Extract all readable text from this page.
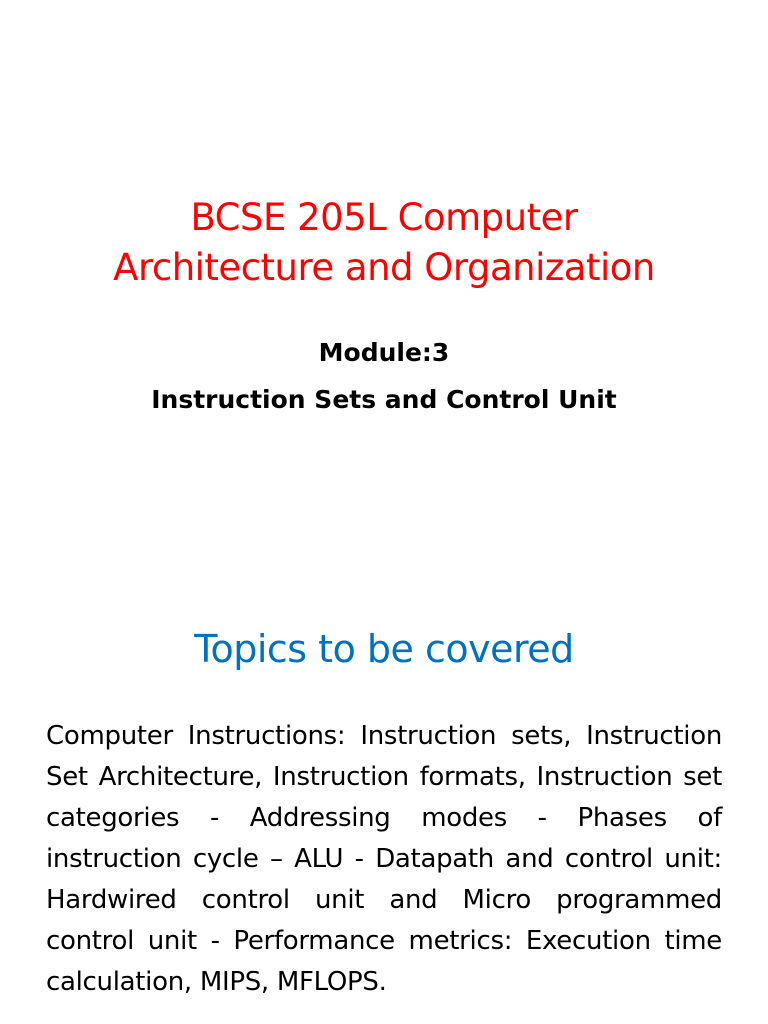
BCSE 205L Computer
Architecture and Organization

Module:3

Instruction Sets and Control Unit

Topics to be covered

Computer Instructions: Instruction sets, Instruction Set Architecture, Instruction formats, Instruction set categories - Addressing modes - Phases of instruction cycle – ALU - Datapath and control unit: Hardwired control unit and Micro programmed control unit - Performance metrics: Execution time calculation, MIPS, MFLOPS.
